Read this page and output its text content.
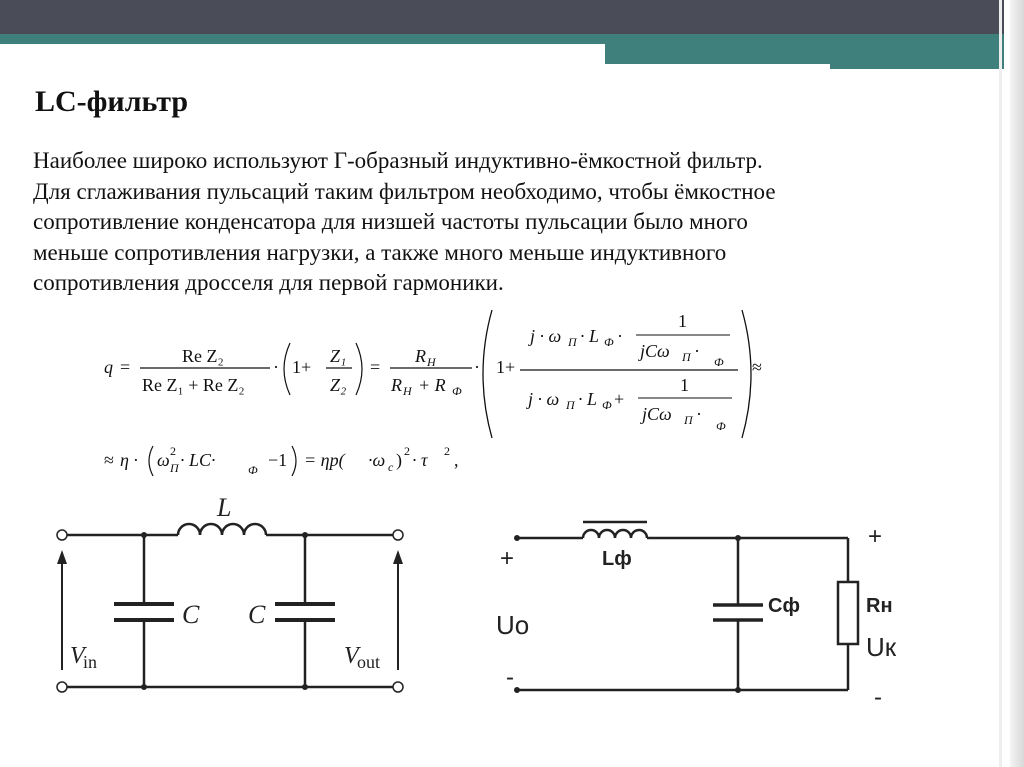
LC-фильтр

Наиболее широко используют Г-образный индуктивно-ёмкостной фильтр.
Для сглаживания пульсаций таким фильтром необходимо, чтобы ёмкостное
сопротивление конденсатора для низшей частоты пульсации было много
меньше сопротивления нагрузки, а также много меньше индуктивного
сопротивления дросселя для первой гармоники.

q =
Re Z₂
Re Z₁ + Re Z₂
· 1+
Z₁
Z₂
=
R Н
R Н + R Ф
· 1+
j · ω П · L Ф ·
1
jCω П ·
Ф
j · ω П · L Ф +
1
jCω П ·
Ф
≈
≈ η · ω П
2 · LC·	Ф −1 = ηp( ·ω c ) 2 · τ 2 ,
L
C C
V
in	V
out
+
-
Uo
Lф
Cф	Rн
Uк
+
-
